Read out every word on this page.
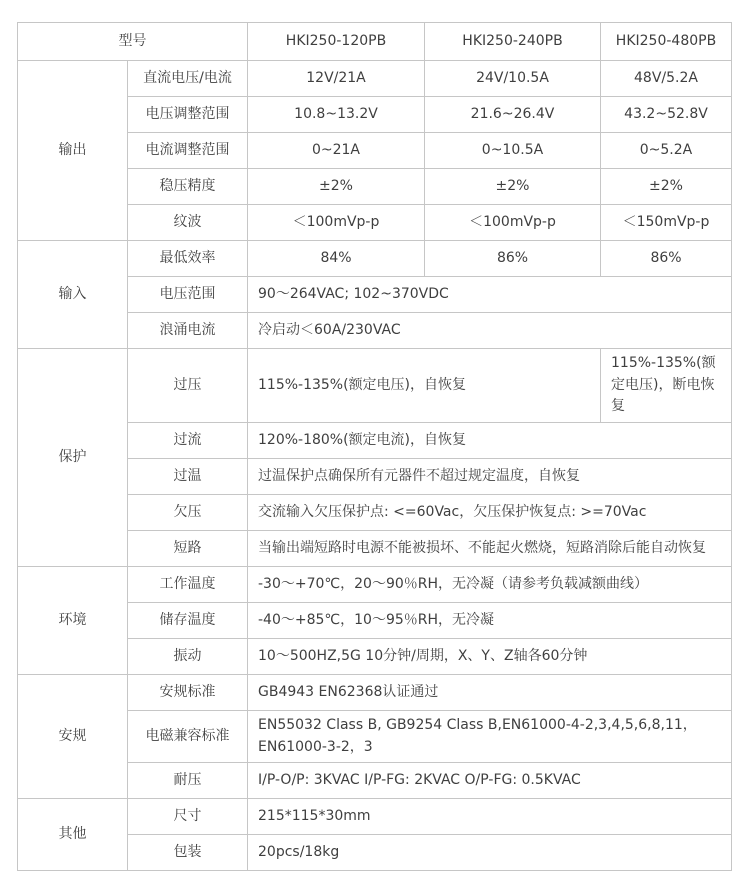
型号		HKI250-120PB	HKI250-240PB	HKI250-480PB
输出	直流电压/电流	12V/21A	24V/10.5A	48V/5.2A
	电压调整范围	10.8~13.2V	21.6~26.4V	43.2~52.8V
	电流调整范围	0~21A	0~10.5A	0~5.2A
	稳压精度	±2%	±2%	±2%
	纹波	＜100mVp-p	＜100mVp-p	＜150mVp-p
输入	最低效率	84%	86%	86%
	电压范围	90～264VAC; 102~370VDC		
	浪涌电流	冷启动＜60A/230VAC		
保护	过压	115%-135%(额定电压)，自恢复		115%-135%(额定电压)，断电恢复
	过流	120%-180%(额定电流)，自恢复		
	过温	过温保护点确保所有元器件不超过规定温度，自恢复		
	欠压	交流输入欠压保护点: <=60Vac，欠压保护恢复点: >=70Vac		
	短路	当输出端短路时电源不能被损坏、不能起火燃烧，短路消除后能自动恢复		
环境	工作温度	-30～+70℃，20～90％RH，无冷凝（请参考负载减额曲线）		
	储存温度	-40～+85℃，10～95％RH，无冷凝		
	振动	10～500HZ,5G 10分钟/周期，X、Y、Z轴各60分钟		
安规	安规标准	GB4943 EN62368认证通过		
	电磁兼容标准	EN55032 Class B, GB9254 Class B,EN61000-4-2,3,4,5,6,8,11，EN61000-3-2，3		
	耐压	I/P-O/P: 3KVAC I/P-FG: 2KVAC O/P-FG: 0.5KVAC		
其他	尺寸	215*115*30mm		
	包装	20pcs/18kg		
